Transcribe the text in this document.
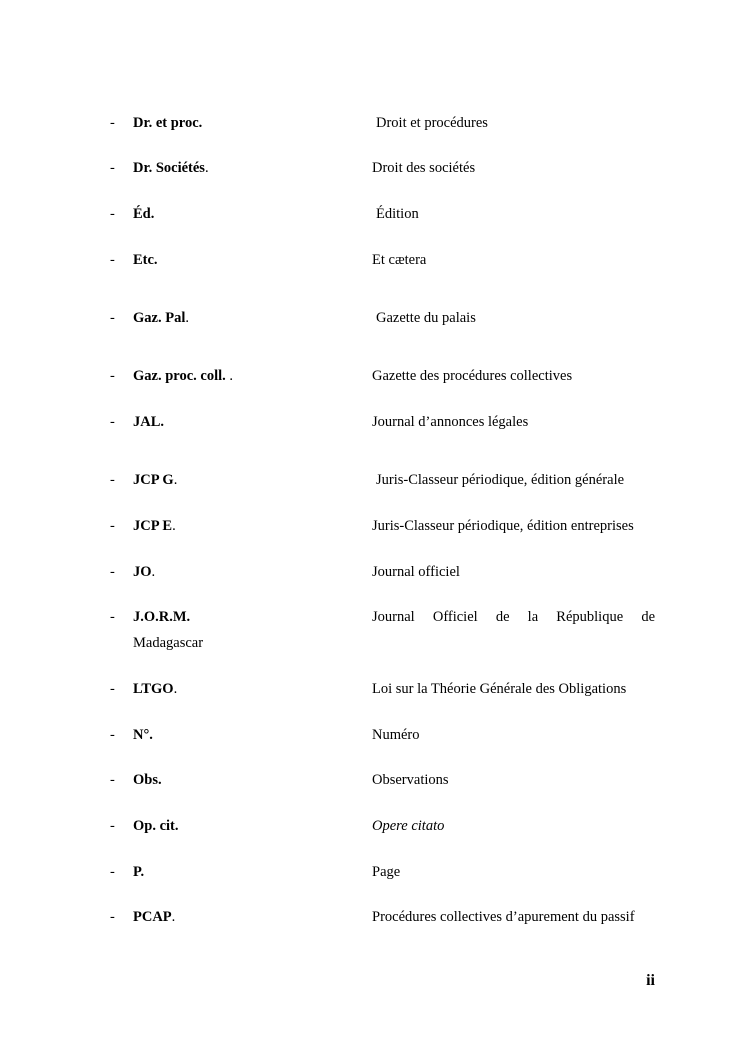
- Dr. et proc.	Droit et procédures
- Dr. Sociétés.	Droit des sociétés
- Éd.	Édition
- Etc.	Et cætera
- Gaz. Pal.	Gazette du palais
- Gaz. proc. coll. .	Gazette des procédures collectives
- JAL.	Journal d’annonces légales
- JCP G.	Juris-Classeur périodique, édition générale
- JCP E.	Juris-Classeur périodique, édition entreprises
- JO.	Journal officiel
- J.O.R.M.	Journal Officiel de la République de
Madagascar
- LTGO.	Loi sur la Théorie Générale des Obligations
- N°.	Numéro
- Obs.	Observations
- Op. cit.	Opere citato
- P.	Page
- PCAP.	Procédures collectives d’apurement du passif
ii
